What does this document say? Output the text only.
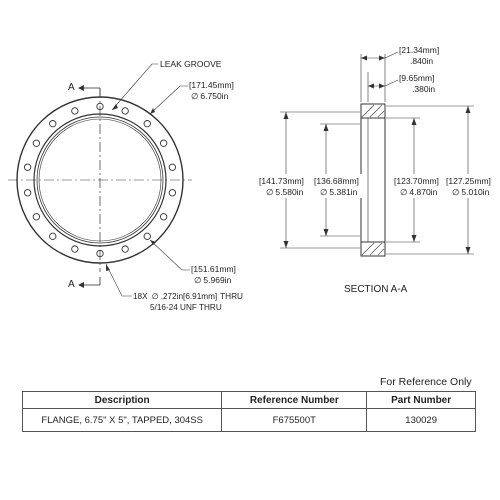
A
A
LEAK GROOVE
[171.45mm]
∅ 6.750in
[151.61mm]
∅ 5.969in
18X ∅ .272in[6.91mm] THRU
5/16-24 UNF THRU
[21.34mm]
.840in
[9.65mm]
.380in
[141.73mm]
∅ 5.580in
[136.68mm]
∅ 5.381in
[123.70mm]
∅ 4.870in
[127.25mm]
∅ 5.010in
SECTION A-A
For Reference Only
Description	Reference Number	Part Number
FLANGE, 6.75" X 5", TAPPED, 304SS	F675500T	130029
